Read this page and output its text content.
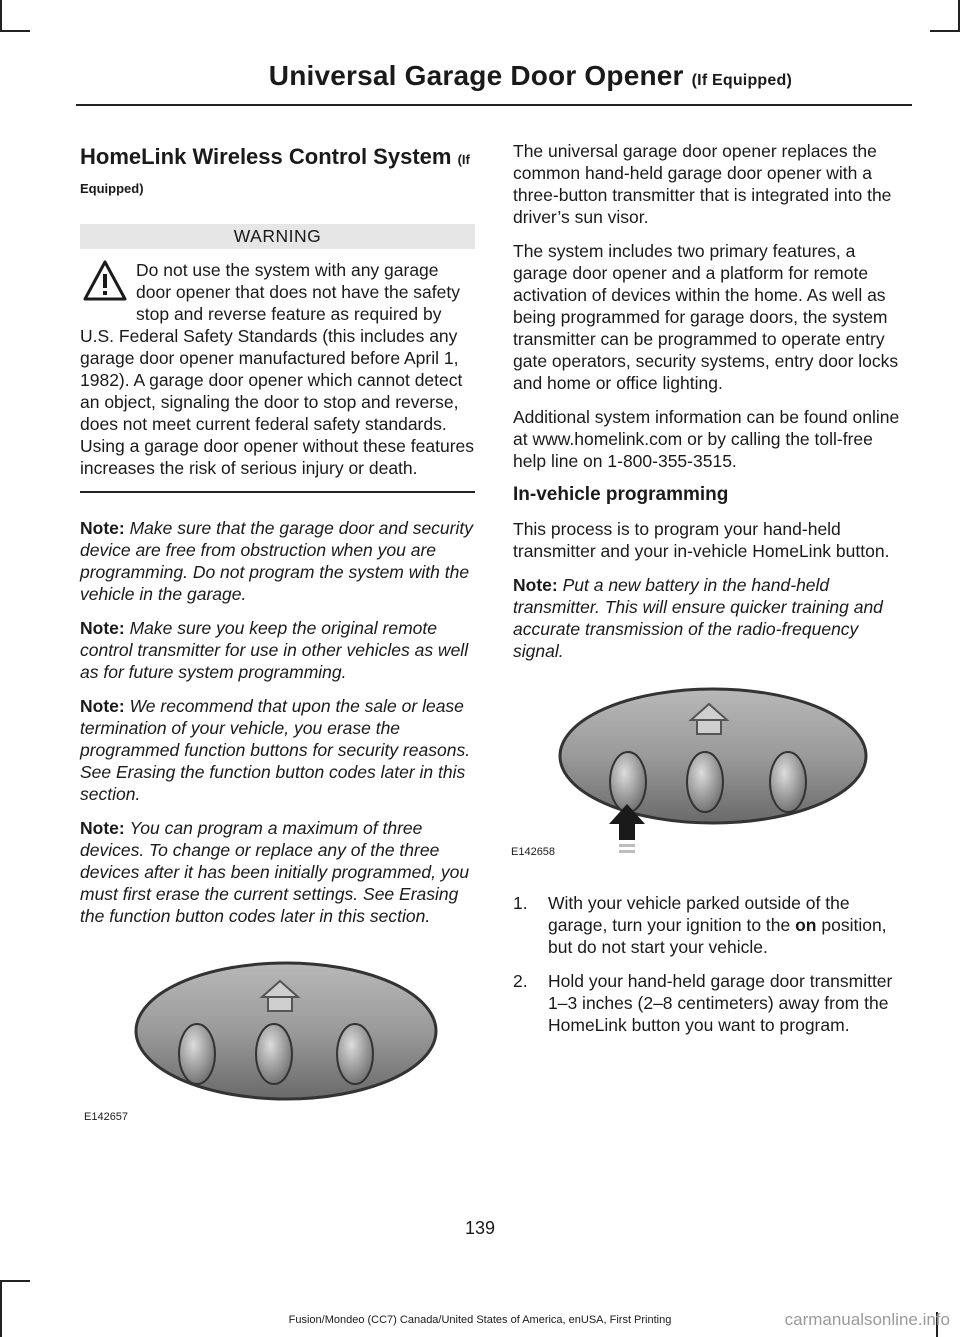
Universal Garage Door Opener (If Equipped)
HomeLink Wireless Control System (If Equipped)
WARNING
Do not use the system with any garage door opener that does not have the safety stop and reverse feature as required by U.S. Federal Safety Standards (this includes any garage door opener manufactured before April 1, 1982). A garage door opener which cannot detect an object, signaling the door to stop and reverse, does not meet current federal safety standards. Using a garage door opener without these features increases the risk of serious injury or death.

Note: Make sure that the garage door and security device are free from obstruction when you are programming. Do not program the system with the vehicle in the garage.

Note: Make sure you keep the original remote control transmitter for use in other vehicles as well as for future system programming.

Note: We recommend that upon the sale or lease termination of your vehicle, you erase the programmed function buttons for security reasons. See Erasing the function button codes later in this section.

Note: You can program a maximum of three devices. To change or replace any of the three devices after it has been initially programmed, you must first erase the current settings. See Erasing the function button codes later in this section.

E142657

The universal garage door opener replaces the common hand-held garage door opener with a three-button transmitter that is integrated into the driver’s sun visor.

The system includes two primary features, a garage door opener and a platform for remote activation of devices within the home. As well as being programmed for garage doors, the system transmitter can be programmed to operate entry gate operators, security systems, entry door locks and home or office lighting.

Additional system information can be found online at www.homelink.com or by calling the toll-free help line on 1-800-355-3515.

In-vehicle programming

This process is to program your hand-held transmitter and your in-vehicle HomeLink button.

Note: Put a new battery in the hand-held transmitter. This will ensure quicker training and accurate transmission of the radio-frequency signal.

E142658
1. With your vehicle parked outside of the garage, turn your ignition to the on position, but do not start your vehicle.
2. Hold your hand-held garage door transmitter 1–3 inches (2–8 centimeters) away from the HomeLink button you want to program.
139
Fusion/Mondeo (CC7) Canada/United States of America, enUSA, First Printing	carmanualsonline.info
